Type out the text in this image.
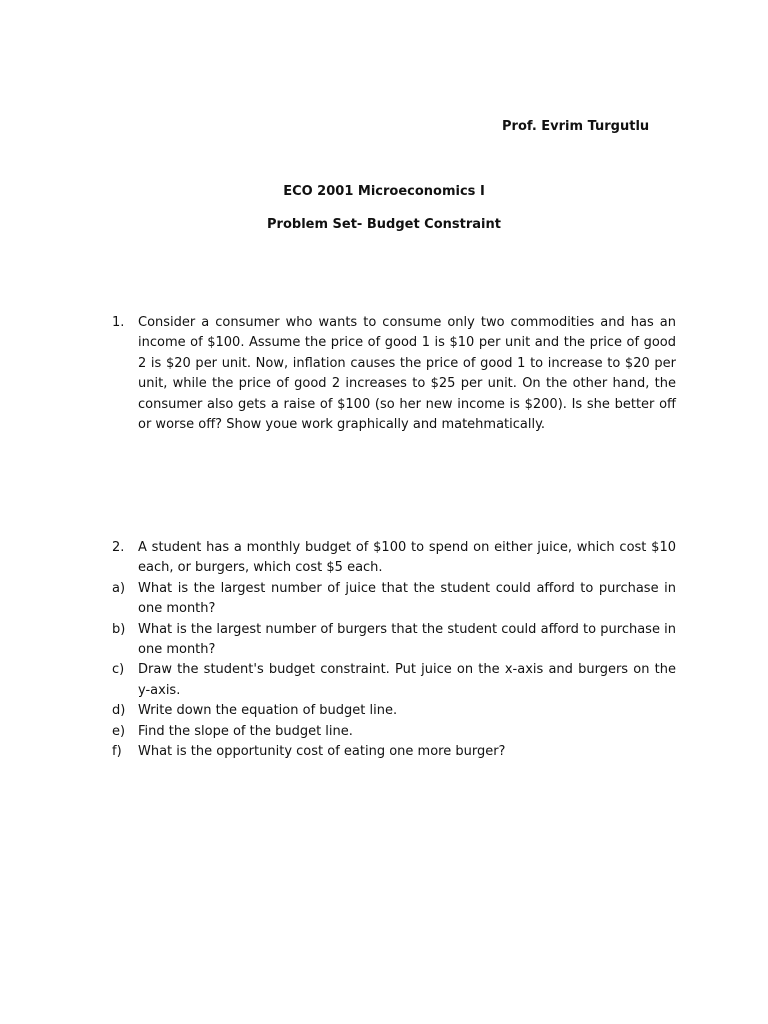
Prof. Evrim Turgutlu
ECO 2001 Microeconomics I
Problem Set- Budget Constraint
1.	Consider a consumer who wants to consume only two commodities and has an income of $100. Assume the price of good 1 is $10 per unit and the price of good 2 is $20 per unit. Now, inflation causes the price of good 1 to increase to $20 per unit, while the price of good 2 increases to $25 per unit. On the other hand, the consumer also gets a raise of $100 (so her new income is $200). Is she better off or worse off? Show youe work graphically and matehmatically.
2.	A student has a monthly budget of $100 to spend on either juice, which cost $10 each, or burgers, which cost $5 each.
a) What is the largest number of juice that the student could afford to purchase in one month?
b) What is the largest number of burgers that the student could afford to purchase in one month?
c)	Draw the student's budget constraint. Put juice on the x-axis and burgers on the y-axis.
d) Write down the equation of budget line.
e) Find the slope of the budget line.
f)	What is the opportunity cost of eating one more burger?
